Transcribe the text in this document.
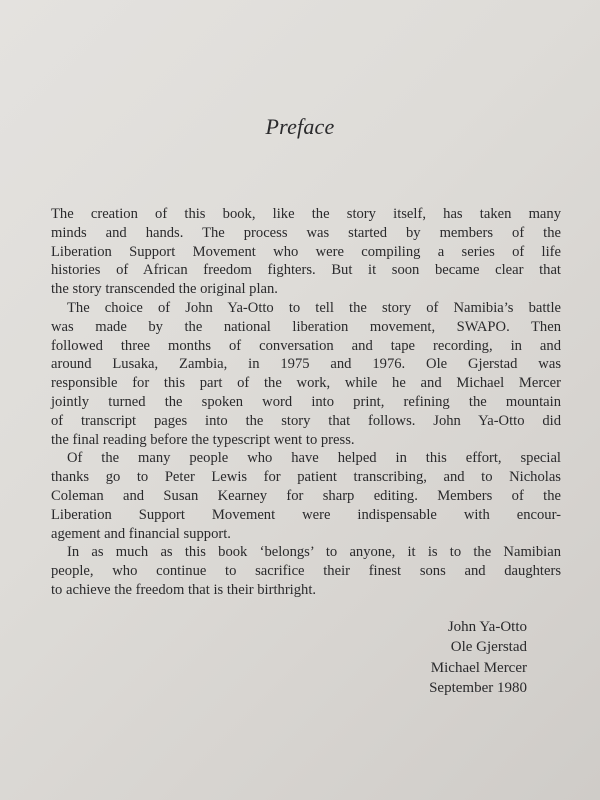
Preface

The creation of this book, like the story itself, has taken many
minds and hands. The process was started by members of the
Liberation Support Movement who were compiling a series of life
histories of African freedom fighters. But it soon became clear that
the story transcended the original plan.

The choice of John Ya-Otto to tell the story of Namibia’s battle
was made by the national liberation movement, SWAPO. Then
followed three months of conversation and tape recording, in and
around Lusaka, Zambia, in 1975 and 1976. Ole Gjerstad was
responsible for this part of the work, while he and Michael Mercer
jointly turned the spoken word into print, refining the mountain
of transcript pages into the story that follows. John Ya-Otto did
the final reading before the typescript went to press.

Of the many people who have helped in this effort, special
thanks go to Peter Lewis for patient transcribing, and to Nicholas
Coleman and Susan Kearney for sharp editing. Members of the
Liberation Support Movement were indispensable with encour-
agement and financial support.

In as much as this book ‘belongs’ to anyone, it is to the Namibian
people, who continue to sacrifice their finest sons and daughters
to achieve the freedom that is their birthright.

John Ya-Otto
Ole Gjerstad
Michael Mercer
September 1980
